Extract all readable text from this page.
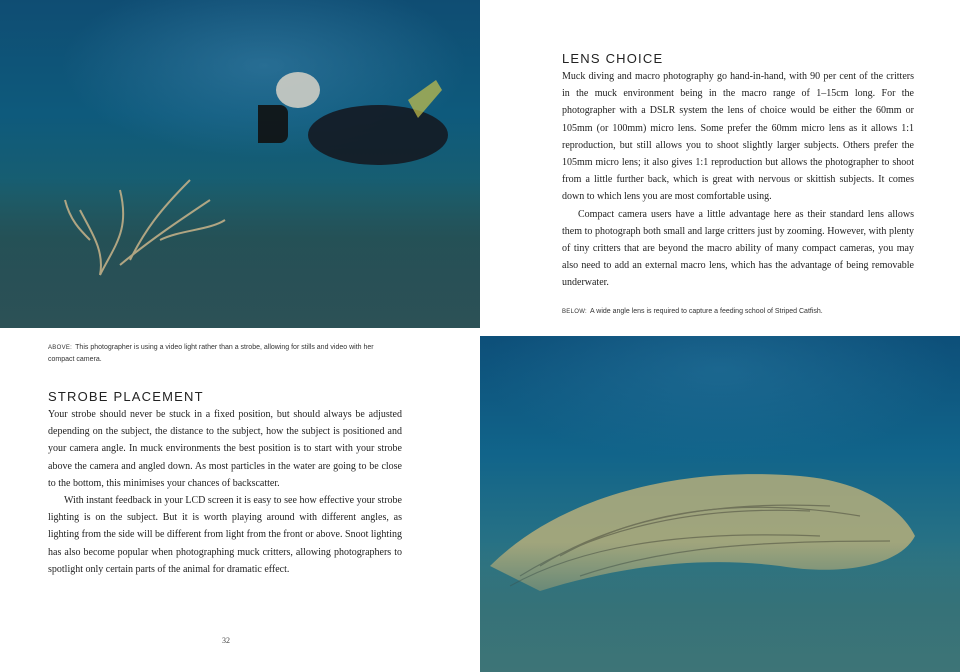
ABOVE: This photographer is using a video light rather than a strobe, allowing for stills and video with her compact camera.
STROBE PLACEMENT

Your strobe should never be stuck in a fixed position, but should always be adjusted depending on the subject, the distance to the subject, how the subject is positioned and your camera angle. In muck environments the best position is to start with your strobe above the camera and angled down. As most particles in the water are going to be close to the bottom, this minimises your chances of backscatter.

With instant feedback in your LCD screen it is easy to see how effective your strobe lighting is on the subject. But it is worth playing around with different angles, as lighting from the side will be different from light from the front or above. Snoot lighting has also become popular when photographing muck critters, allowing photographers to spotlight only certain parts of the animal for dramatic effect.

32
LENS CHOICE

Muck diving and macro photography go hand-in-hand, with 90 per cent of the critters in the muck environment being in the macro range of 1–15cm long. For the photographer with a DSLR system the lens of choice would be either the 60mm or 105mm (or 100mm) micro lens. Some prefer the 60mm micro lens as it allows 1:1 reproduction, but still allows you to shoot slightly larger subjects. Others prefer the 105mm micro lens; it also gives 1:1 reproduction but allows the photographer to shoot from a little further back, which is great with nervous or skittish subjects. It comes down to which lens you are most comfortable using.

Compact camera users have a little advantage here as their standard lens allows them to photograph both small and large critters just by zooming. However, with plenty of tiny critters that are beyond the macro ability of many compact cameras, you may also need to add an external macro lens, which has the advantage of being removable underwater.

BELOW: A wide angle lens is required to capture a feeding school of Striped Catfish.
